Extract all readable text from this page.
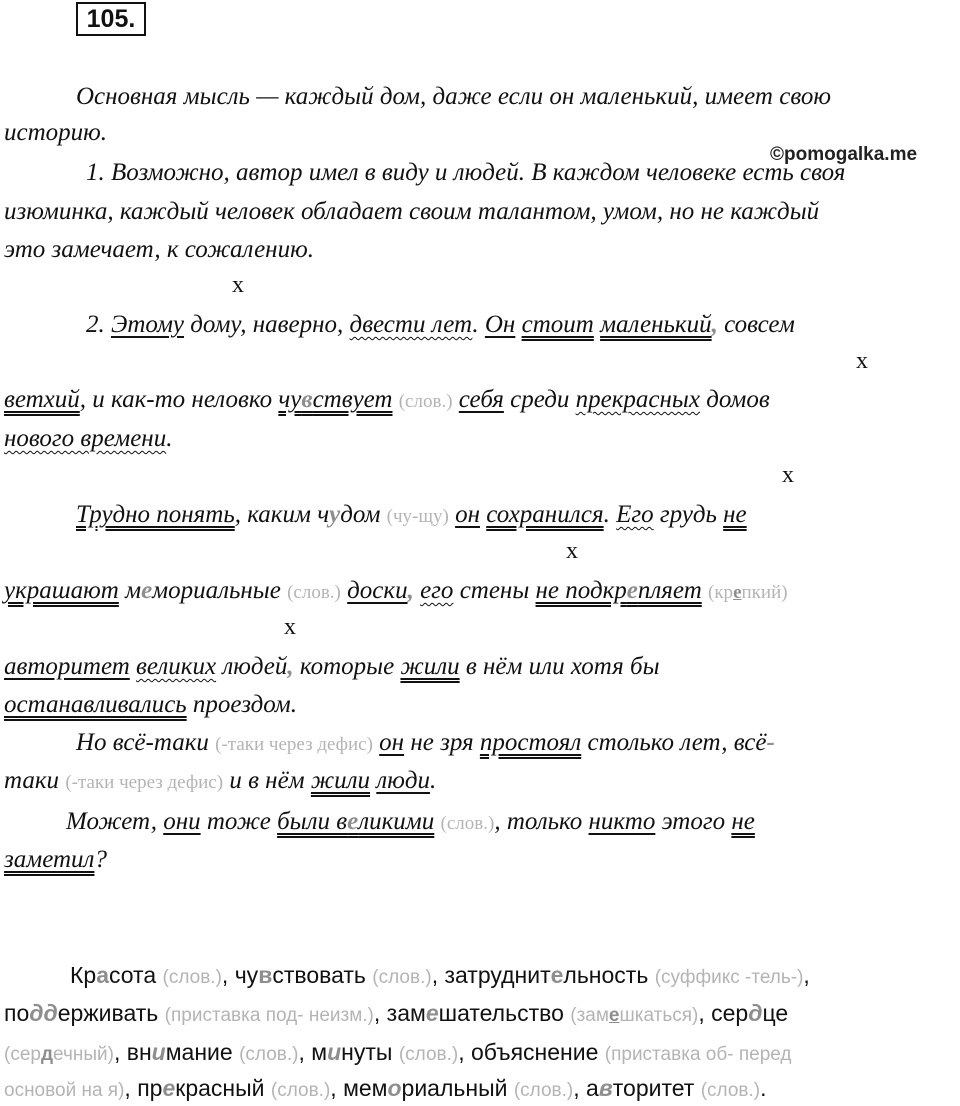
105.
©pomogalka.me
Основная мысль — каждый дом, даже если он маленький, имеет свою
историю.
1. Возможно, автор имел в виду и людей. В каждом человеке есть своя
изюминка, каждый человек обладает своим талантом, умом, но не каждый
это замечает, к сожалению.
x
x
x
x
x
2. Этому дому, наверно, двести лет. Он стоит маленький, совсем
ветхий, и как-то неловко чувствует (слов.) себя среди прекрасных домов
нового времени.
Трудно понять, каким чудом (чу-щу) он сохранился. Его грудь не
украшают мемориальные (слов.) доски, его стены не подкрепляет (крепкий)
авторитет великих людей, которые жили в нём или хотя бы
останавливались проездом.
Но всё-таки (-таки через дефис) он не зря простоял столько лет, всё-
таки (-таки через дефис) и в нём жили люди.
Может, они тоже были великими (слов.), только никто этого не
заметил?
Красота (слов.), чувствовать (слов.), затруднительность (суффикс -тель-),
поддерживать (приставка под- неизм.), замешательство (замешкаться), сердце
(сердечный), внимание (слов.), минуты (слов.), объяснение (приставка об- перед
основой на я), прекрасный (слов.), мемориальный (слов.), авторитет (слов.).
